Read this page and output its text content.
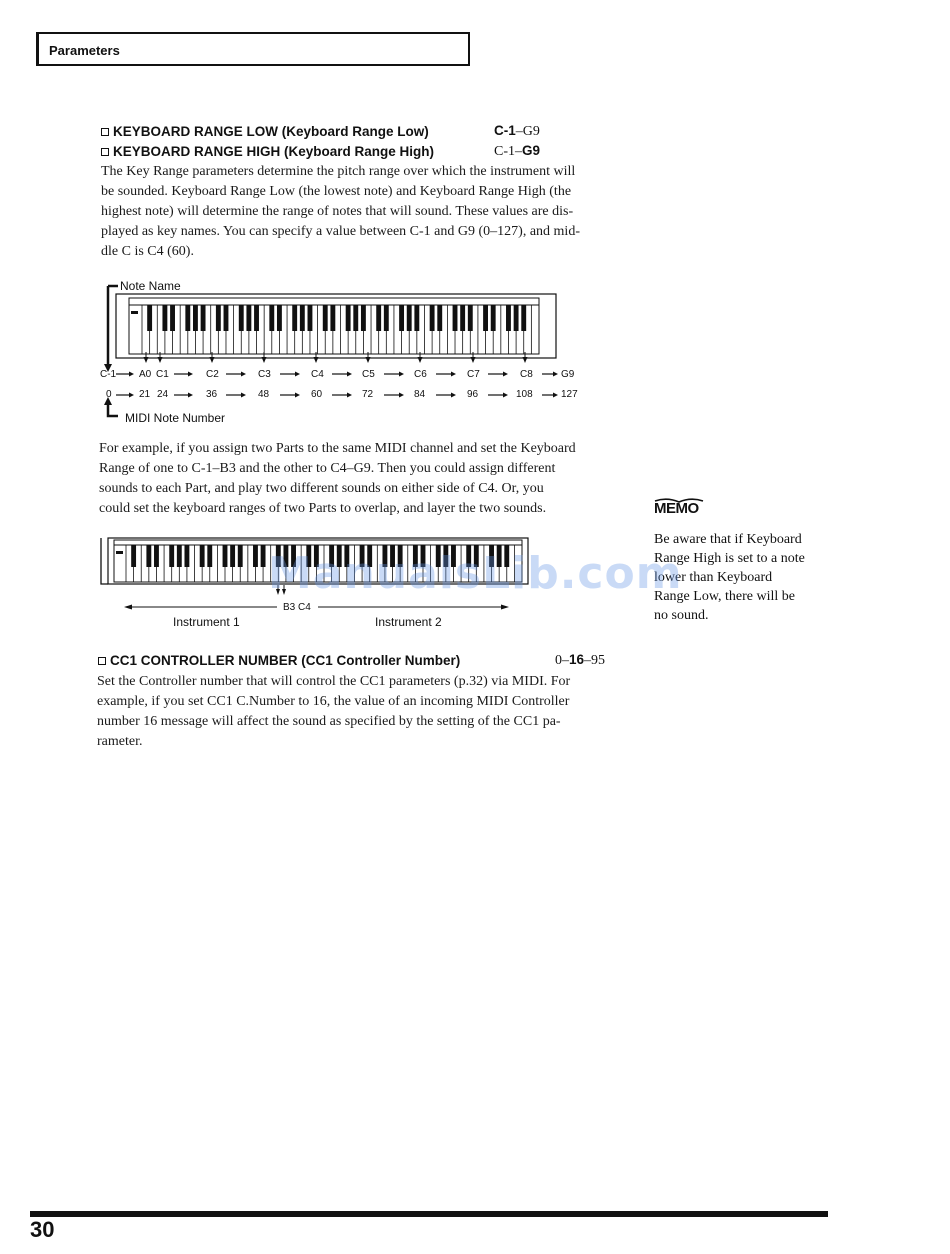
Parameters
KEYBOARD RANGE LOW (Keyboard Range Low)	C-1–G9
KEYBOARD RANGE HIGH (Keyboard Range High)	C-1–G9
The Key Range parameters determine the pitch range over which the instrument will
be sounded. Keyboard Range Low (the lowest note) and Keyboard Range High (the
highest note) will determine the range of notes that will sound. These values are dis-
played as key names. You can specify a value between C-1 and G9 (0–127), and mid-
dle C is C4 (60).
Note Name
MIDI Note Number
C-1 A0 C1	C2	C3	C4	C5	C6	C7	C8	G9
0	21 24	36	48	60	72	84	96	108	127
For example, if you assign two Parts to the same MIDI channel and set the Keyboard
Range of one to C-1–B3 and the other to C4–G9. Then you could assign different
sounds to each Part, and play two different sounds on either side of C4. Or, you
could set the keyboard ranges of two Parts to overlap, and layer the two sounds.
B3 C4
Instrument 1	Instrument 2
CC1 CONTROLLER NUMBER (CC1 Controller Number)	0–16–95
Set the Controller number that will control the CC1 parameters (p.32) via MIDI. For
example, if you set CC1 C.Number to 16, the value of an incoming MIDI Controller
number 16 message will affect the sound as specified by the setting of the CC1 pa-
rameter.
MEMO
Be aware that if Keyboard
Range High is set to a note
lower than Keyboard
Range Low, there will be
no sound.
ManualsLib.com
30
